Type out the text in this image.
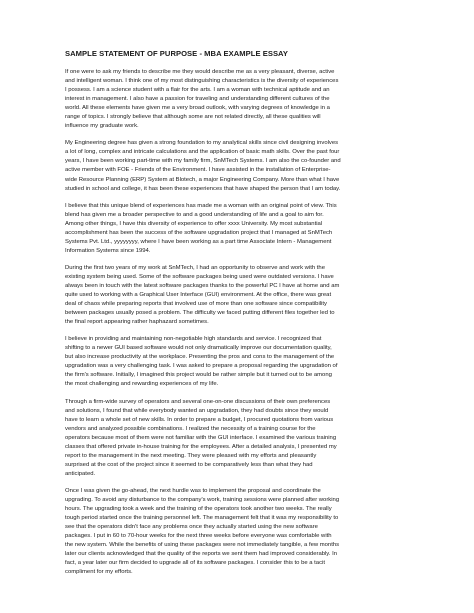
SAMPLE STATEMENT OF PURPOSE - MBA EXAMPLE ESSAY

If one were to ask my friends to describe me they would describe me as a very pleasant, diverse, active
and intelligent woman. I think one of my most distinguishing characteristics is the diversity of experiences
I possess. I am a science student with a flair for the arts. I am a woman with technical aptitude and an
interest in management. I also have a passion for traveling and understanding different cultures of the
world. All these elements have given me a very broad outlook, with varying degrees of knowledge in a
range of topics. I strongly believe that although some are not related directly, all these qualities will
influence my graduate work.

My Engineering degree has given a strong foundation to my analytical skills since civil designing involves
a lot of long, complex and intricate calculations and the application of basic math skills. Over the past four
years, I have been working part-time with my family firm, SnMTech Systems. I am also the co-founder and
active member with FOE - Friends of the Environment. I have assisted in the installation of Enterprise-
wide Resource Planning (ERP) System at Blotech, a major Engineering Company. More than what I have
studied in school and college, it has been these experiences that have shaped the person that I am today.

I believe that this unique blend of experiences has made me a woman with an original point of view. This
blend has given me a broader perspective to and a good understanding of life and a goal to aim for.
Among other things, I have this diversity of experience to offer xxxx University. My most substantial
accomplishment has been the success of the software upgradation project that I managed at SnMTech
Systems Pvt. Ltd., yyyyyyyy, where I have been working as a part time Associate Intern - Management
Information Systems since 1994.

During the first two years of my work at SnMTech, I had an opportunity to observe and work with the
existing system being used. Some of the software packages being used were outdated versions. I have
always been in touch with the latest software packages thanks to the powerful PC I have at home and am
quite used to working with a Graphical User Interface (GUI) environment. At the office, there was great
deal of chaos while preparing reports that involved use of more than one software since compatibility
between packages usually posed a problem. The difficulty we faced putting different files together led to
the final report appearing rather haphazard sometimes.

I believe in providing and maintaining non-negotiable high standards and service. I recognized that
shifting to a newer GUI based software would not only dramatically improve our documentation quality,
but also increase productivity at the workplace. Presenting the pros and cons to the management of the
upgradation was a very challenging task. I was asked to prepare a proposal regarding the upgradation of
the firm's software. Initially, I imagined this project would be rather simple but it turned out to be among
the most challenging and rewarding experiences of my life.

Through a firm-wide survey of operators and several one-on-one discussions of their own preferences
and solutions, I found that while everybody wanted an upgradation, they had doubts since they would
have to learn a whole set of new skills. In order to prepare a budget, I procured quotations from various
vendors and analyzed possible combinations. I realized the necessity of a training course for the
operators because most of them were not familiar with the GUI interface. I examined the various training
classes that offered private in-house training for the employees. After a detailed analysis, I presented my
report to the management in the next meeting. They were pleased with my efforts and pleasantly
surprised at the cost of the project since it seemed to be comparatively less than what they had
anticipated.

Once I was given the go-ahead, the next hurdle was to implement the proposal and coordinate the
upgrading. To avoid any disturbance to the company's work, training sessions were planned after working
hours. The upgrading took a week and the training of the operators took another two weeks. The really
tough period started once the training personnel left. The management felt that it was my responsibility to
see that the operators didn't face any problems once they actually started using the new software
packages. I put in 60 to 70-hour weeks for the next three weeks before everyone was comfortable with
the new system. While the benefits of using these packages were not immediately tangible, a few months
later our clients acknowledged that the quality of the reports we sent them had improved considerably. In
fact, a year later our firm decided to upgrade all of its software packages. I consider this to be a tacit
compliment for my efforts.
